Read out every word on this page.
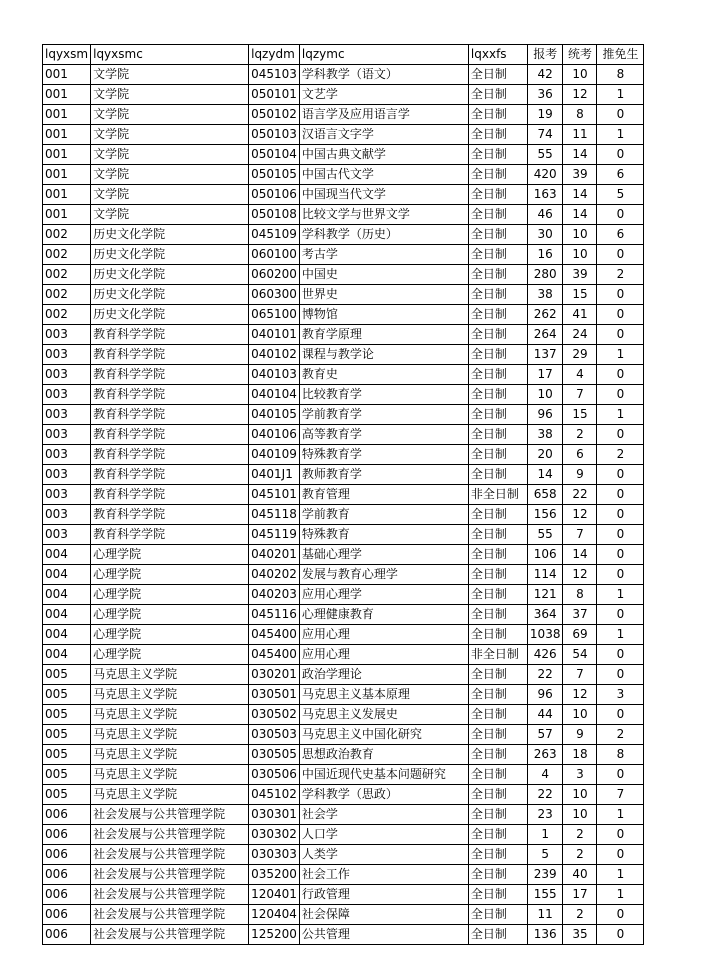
lqyxsm	lqyxsmc	lqzydm	lqzymc	lqxxfs	报考	统考	推免生
001	文学院	045103	学科教学（语文）	全日制	42	10	8
001	文学院	050101	文艺学	全日制	36	12	1
001	文学院	050102	语言学及应用语言学	全日制	19	8	0
001	文学院	050103	汉语言文字学	全日制	74	11	1
001	文学院	050104	中国古典文献学	全日制	55	14	0
001	文学院	050105	中国古代文学	全日制	420	39	6
001	文学院	050106	中国现当代文学	全日制	163	14	5
001	文学院	050108	比较文学与世界文学	全日制	46	14	0
002	历史文化学院	045109	学科教学（历史）	全日制	30	10	6
002	历史文化学院	060100	考古学	全日制	16	10	0
002	历史文化学院	060200	中国史	全日制	280	39	2
002	历史文化学院	060300	世界史	全日制	38	15	0
002	历史文化学院	065100	博物馆	全日制	262	41	0
003	教育科学学院	040101	教育学原理	全日制	264	24	0
003	教育科学学院	040102	课程与教学论	全日制	137	29	1
003	教育科学学院	040103	教育史	全日制	17	4	0
003	教育科学学院	040104	比较教育学	全日制	10	7	0
003	教育科学学院	040105	学前教育学	全日制	96	15	1
003	教育科学学院	040106	高等教育学	全日制	38	2	0
003	教育科学学院	040109	特殊教育学	全日制	20	6	2
003	教育科学学院	0401J1	教师教育学	全日制	14	9	0
003	教育科学学院	045101	教育管理	非全日制	658	22	0
003	教育科学学院	045118	学前教育	全日制	156	12	0
003	教育科学学院	045119	特殊教育	全日制	55	7	0
004	心理学院	040201	基础心理学	全日制	106	14	0
004	心理学院	040202	发展与教育心理学	全日制	114	12	0
004	心理学院	040203	应用心理学	全日制	121	8	1
004	心理学院	045116	心理健康教育	全日制	364	37	0
004	心理学院	045400	应用心理	全日制	1038	69	1
004	心理学院	045400	应用心理	非全日制	426	54	0
005	马克思主义学院	030201	政治学理论	全日制	22	7	0
005	马克思主义学院	030501	马克思主义基本原理	全日制	96	12	3
005	马克思主义学院	030502	马克思主义发展史	全日制	44	10	0
005	马克思主义学院	030503	马克思主义中国化研究	全日制	57	9	2
005	马克思主义学院	030505	思想政治教育	全日制	263	18	8
005	马克思主义学院	030506	中国近现代史基本问题研究	全日制	4	3	0
005	马克思主义学院	045102	学科教学（思政）	全日制	22	10	7
006	社会发展与公共管理学院	030301	社会学	全日制	23	10	1
006	社会发展与公共管理学院	030302	人口学	全日制	1	2	0
006	社会发展与公共管理学院	030303	人类学	全日制	5	2	0
006	社会发展与公共管理学院	035200	社会工作	全日制	239	40	1
006	社会发展与公共管理学院	120401	行政管理	全日制	155	17	1
006	社会发展与公共管理学院	120404	社会保障	全日制	11	2	0
006	社会发展与公共管理学院	125200	公共管理	全日制	136	35	0
